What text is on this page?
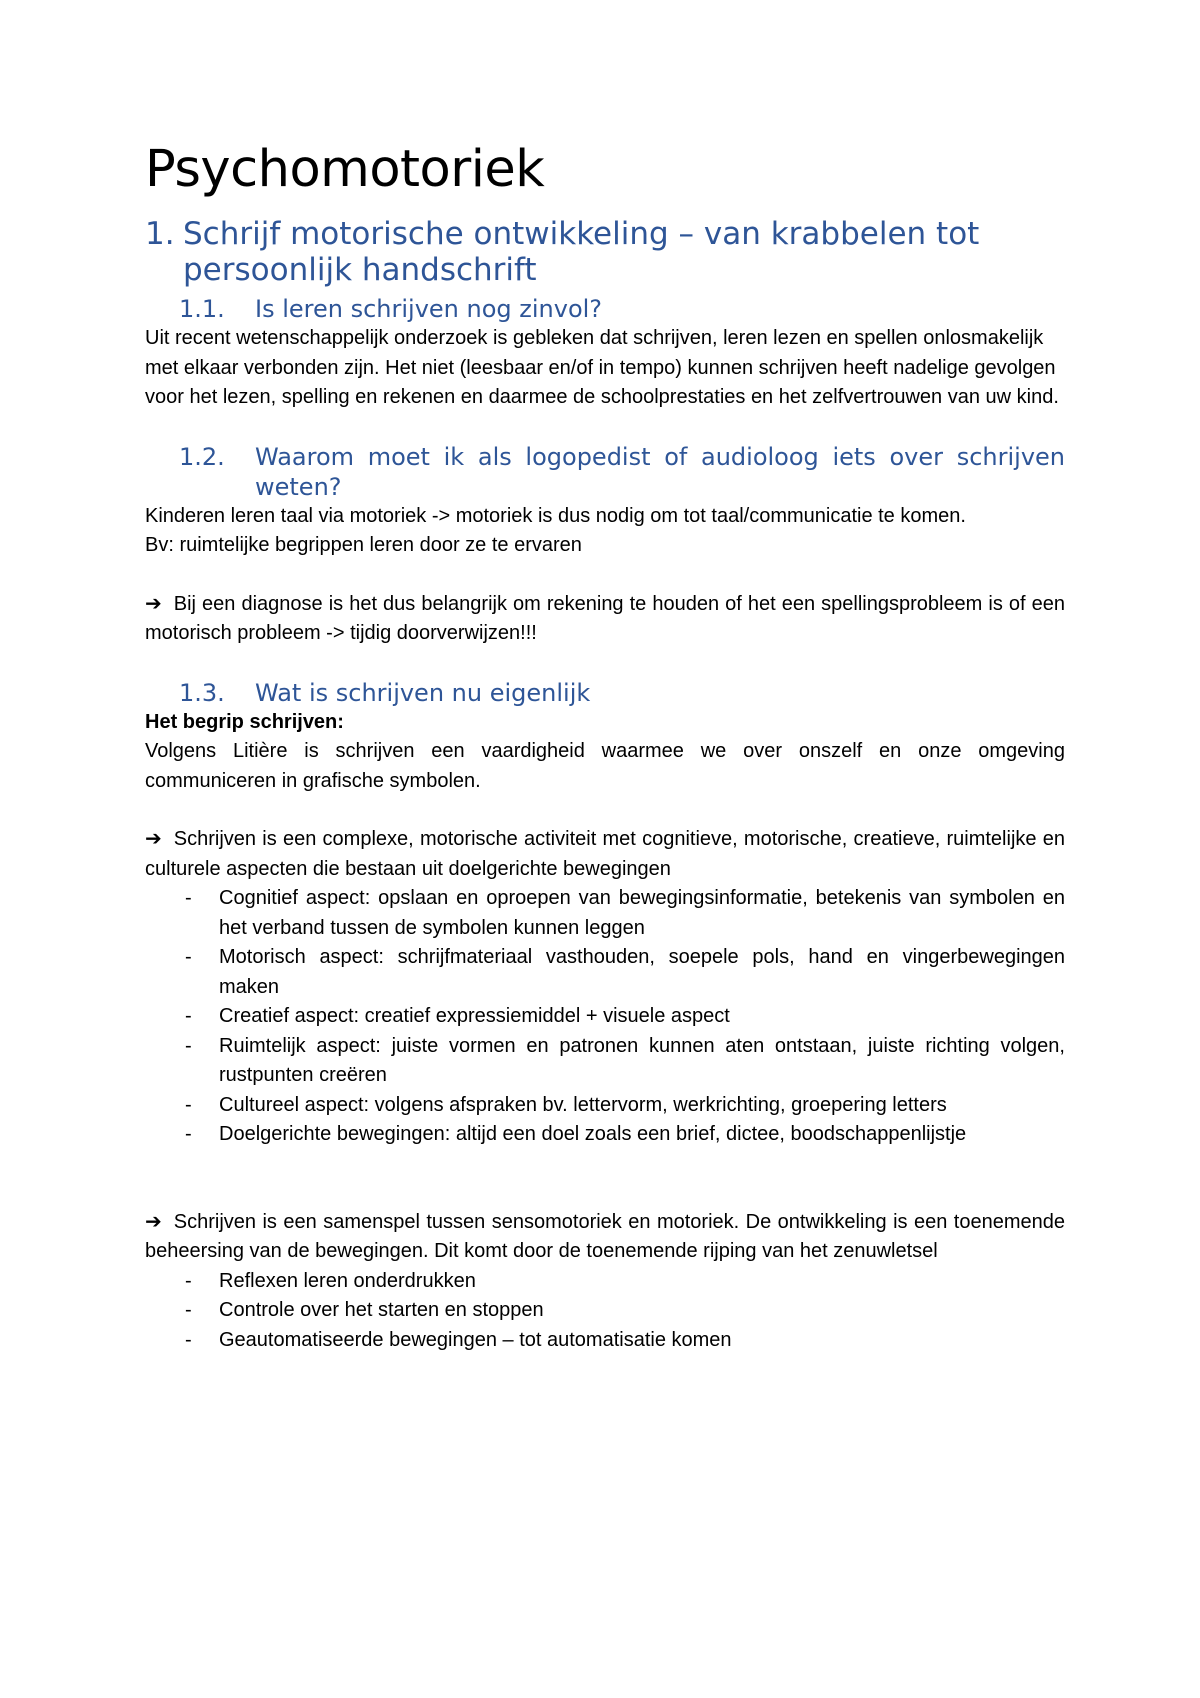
Psychomotoriek
1. Schrijf motorische ontwikkeling – van krabbelen tot persoonlijk handschrift
1.1.	Is leren schrijven nog zinvol?

Uit recent wetenschappelijk onderzoek is gebleken dat schrijven, leren lezen en spellen onlosmakelijk met elkaar verbonden zijn. Het niet (leesbaar en/of in tempo) kunnen schrijven heeft nadelige gevolgen voor het lezen, spelling en rekenen en daarmee de schoolprestaties en het zelfvertrouwen van uw kind.

1.2.	Waarom moet ik als logopedist of audioloog iets over schrijven weten?

Kinderen leren taal via motoriek -> motoriek is dus nodig om tot taal/communicatie te komen.

Bv: ruimtelijke begrippen leren door ze te ervaren

➔ Bij een diagnose is het dus belangrijk om rekening te houden of het een spellingsprobleem is of een motorisch probleem -> tijdig doorverwijzen!!!

1.3.	Wat is schrijven nu eigenlijk

Het begrip schrijven:

Volgens Litière is schrijven een vaardigheid waarmee we over onszelf en onze omgeving communiceren in grafische symbolen.

➔ Schrijven is een complexe, motorische activiteit met cognitieve, motorische, creatieve, ruimtelijke en culturele aspecten die bestaan uit doelgerichte bewegingen

-	Cognitief aspect: opslaan en oproepen van bewegingsinformatie, betekenis van symbolen en het verband tussen de symbolen kunnen leggen
-	Motorisch aspect: schrijfmateriaal vasthouden, soepele pols, hand en vingerbewegingen maken
-	Creatief aspect: creatief expressiemiddel + visuele aspect
-	Ruimtelijk aspect: juiste vormen en patronen kunnen aten ontstaan, juiste richting volgen, rustpunten creëren
-	Cultureel aspect: volgens afspraken bv. lettervorm, werkrichting, groepering letters
-	Doelgerichte bewegingen: altijd een doel zoals een brief, dictee, boodschappenlijstje

➔ Schrijven is een samenspel tussen sensomotoriek en motoriek. De ontwikkeling is een toenemende beheersing van de bewegingen. Dit komt door de toenemende rijping van het zenuwletsel

-	Reflexen leren onderdrukken
-	Controle over het starten en stoppen
-	Geautomatiseerde bewegingen – tot automatisatie komen
